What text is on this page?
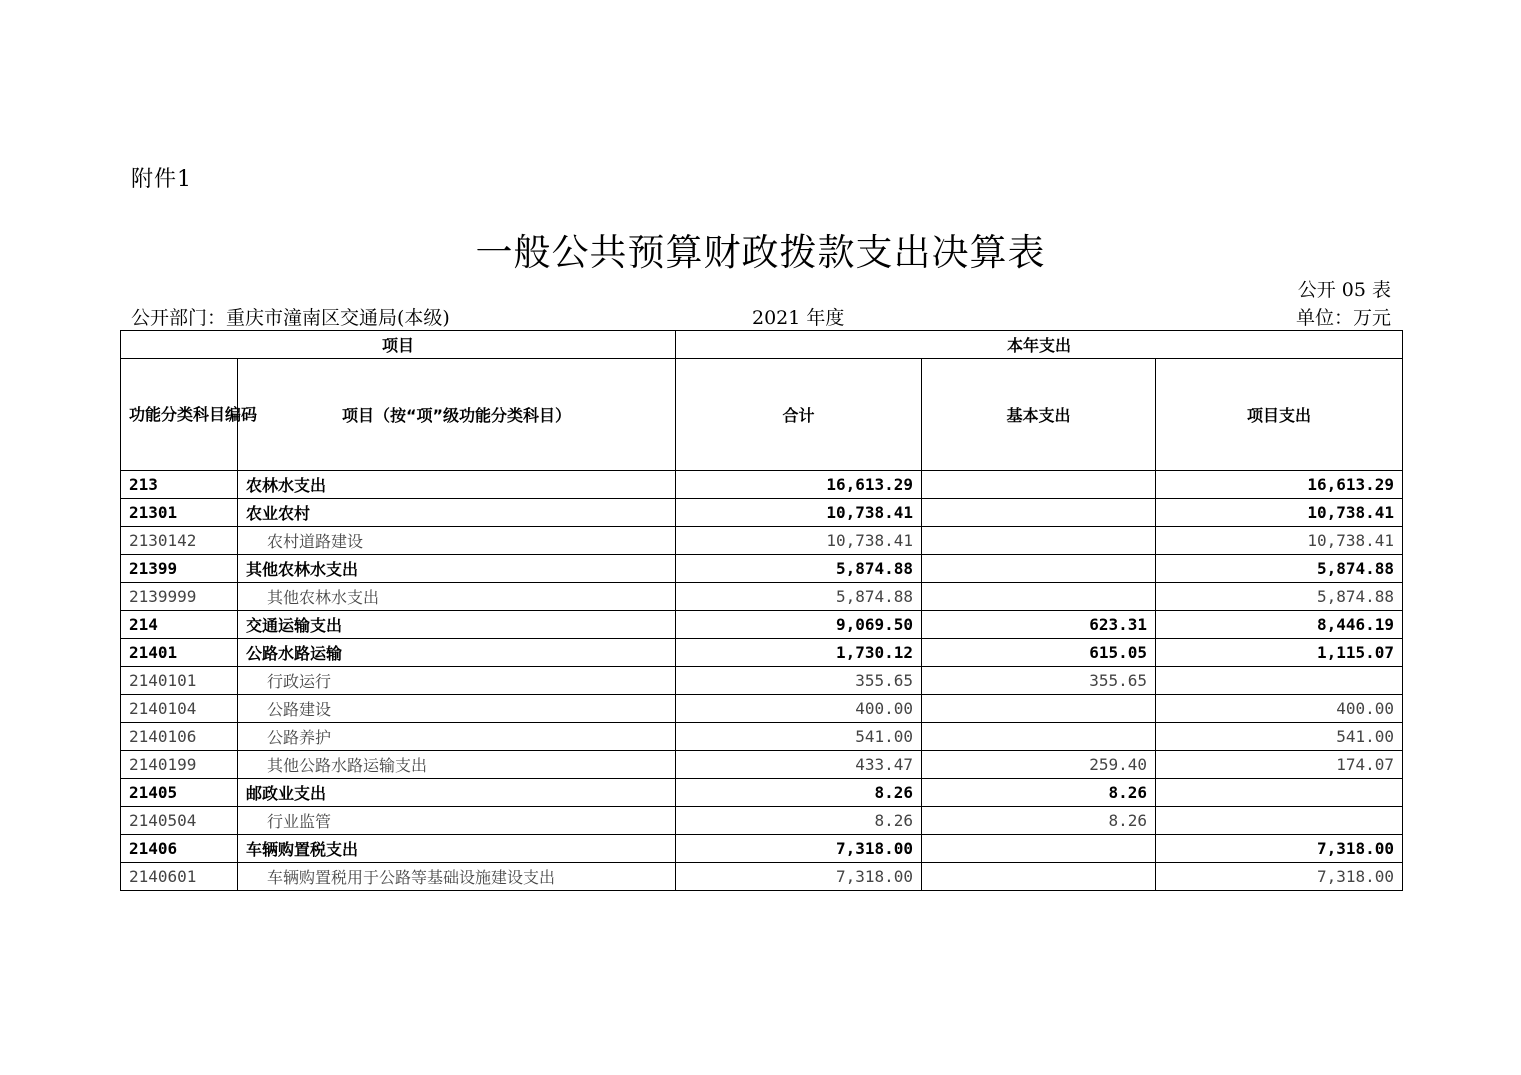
附件1
一般公共预算财政拨款支出决算表
公开 05 表
公开部门：重庆市潼南区交通局(本级)	2021 年度	单位：万元
项目		本年支出		
功能分类科目编码	项目（按“项”级功能分类科目）	合计	基本支出	项目支出
213	农林水支出	16,613.29		16,613.29
21301	农业农村	10,738.41		10,738.41
2130142	农村道路建设	10,738.41		10,738.41
21399	其他农林水支出	5,874.88		5,874.88
2139999	其他农林水支出	5,874.88		5,874.88
214	交通运输支出	9,069.50	623.31	8,446.19
21401	公路水路运输	1,730.12	615.05	1,115.07
2140101	行政运行	355.65	355.65	
2140104	公路建设	400.00		400.00
2140106	公路养护	541.00		541.00
2140199	其他公路水路运输支出	433.47	259.40	174.07
21405	邮政业支出	8.26	8.26	
2140504	行业监管	8.26	8.26	
21406	车辆购置税支出	7,318.00		7,318.00
2140601	车辆购置税用于公路等基础设施建设支出	7,318.00		7,318.00
